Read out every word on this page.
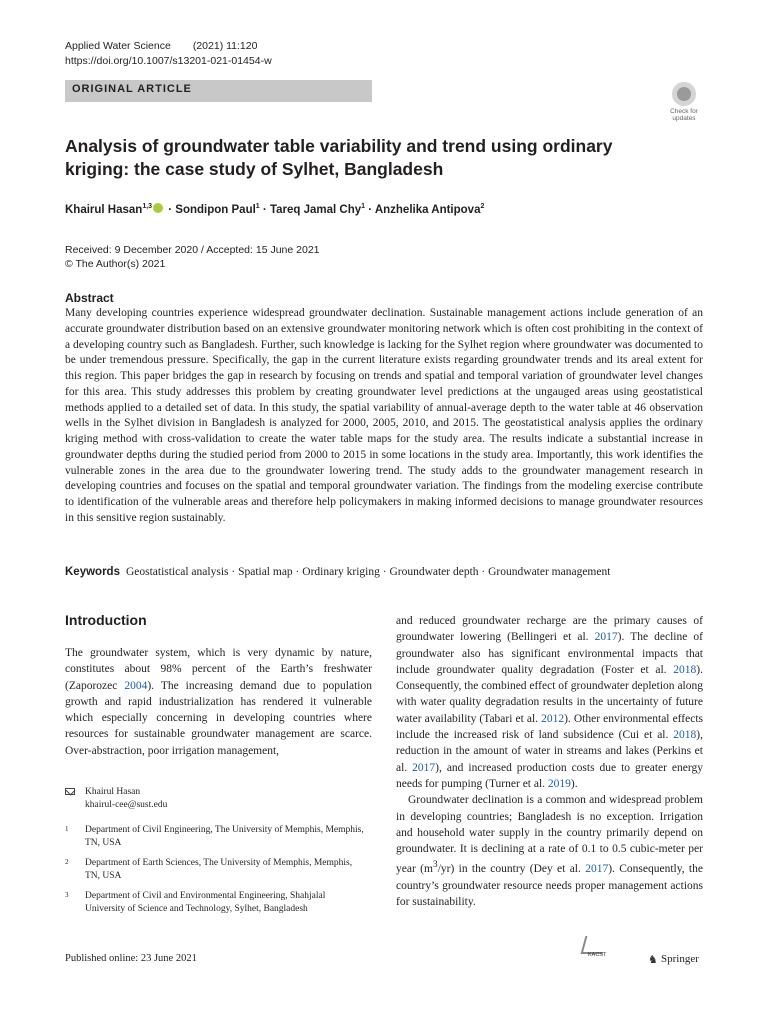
Applied Water Science (2021) 11:120
https://doi.org/10.1007/s13201-021-01454-w
ORIGINAL ARTICLE
Check for updates
Analysis of groundwater table variability and trend using ordinary kriging: the case study of Sylhet, Bangladesh
Khairul Hasan$^{1,3}$ · Sondipon Paul$^1$ · Tareq Jamal Chy$^1$ · Anzhelika Antipova$^2$
Received: 9 December 2020 / Accepted: 15 June 2021
© The Author(s) 2021
Abstract
Many developing countries experience widespread groundwater declination. Sustainable management actions include generation of an accurate groundwater distribution based on an extensive groundwater monitoring network which is often cost prohibiting in the context of a developing country such as Bangladesh. Further, such knowledge is lacking for the Sylhet region where groundwater was documented to be under tremendous pressure. Specifically, the gap in the current literature exists regarding groundwater trends and its areal extent for this region. This paper bridges the gap in research by focusing on trends and spatial and temporal variation of groundwater level changes for this area. This study addresses this problem by creating groundwater level predictions at the ungauged areas using geostatistical methods applied to a detailed set of data. In this study, the spatial variability of annual-average depth to the water table at 46 observation wells in the Sylhet division in Bangladesh is analyzed for 2000, 2005, 2010, and 2015. The geostatistical analysis applies the ordinary kriging method with cross-validation to create the water table maps for the study area. The results indicate a substantial increase in groundwater depths during the studied period from 2000 to 2015 in some locations in the study area. Importantly, this work identifies the vulnerable zones in the area due to the groundwater lowering trend. The study adds to the groundwater management research in developing countries and focuses on the spatial and temporal groundwater variation. The findings from the modeling exercise contribute to identification of the vulnerable areas and therefore help policymakers in making informed decisions to manage groundwater resources in this sensitive region sustainably.
Keywords Geostatistical analysis · Spatial map · Ordinary kriging · Groundwater depth · Groundwater management
Introduction
The groundwater system, which is very dynamic by nature, constitutes about 98% percent of the Earth’s freshwater (Zaporozec 2004). The increasing demand due to population growth and rapid industrialization has rendered it vulnerable which especially concerning in developing countries where resources for sustainable groundwater management are scarce. Over-abstraction, poor irrigation management,

and reduced groundwater recharge are the primary causes of groundwater lowering (Bellingeri et al. 2017). The decline of groundwater also has significant environmental impacts that include groundwater quality degradation (Foster et al. 2018). Consequently, the combined effect of groundwater depletion along with water quality degradation results in the uncertainty of future water availability (Tabari et al. 2012). Other environmental effects include the increased risk of land subsidence (Cui et al. 2018), reduction in the amount of water in streams and lakes (Perkins et al. 2017), and increased production costs due to greater energy needs for pumping (Turner et al. 2019).

Groundwater declination is a common and widespread problem in developing countries; Bangladesh is no exception. Irrigation and household water supply in the country primarily depend on groundwater. It is declining at a rate of 0.1 to 0.5 cubic-meter per year $(m^3/yr)$ in the country (Dey et al. 2017). Consequently, the country’s groundwater resource needs proper management actions for sustainability.

Khairul Hasan
khairul-cee@sust.edu
1 Department of Civil Engineering, The University of Memphis, Memphis, TN, USA
2 Department of Earth Sciences, The University of Memphis, Memphis, TN, USA
3 Department of Civil and Environmental Engineering, Shahjalal University of Science and Technology, Sylhet, Bangladesh
Published online: 23 June 2021	KACST	♞ Springer
